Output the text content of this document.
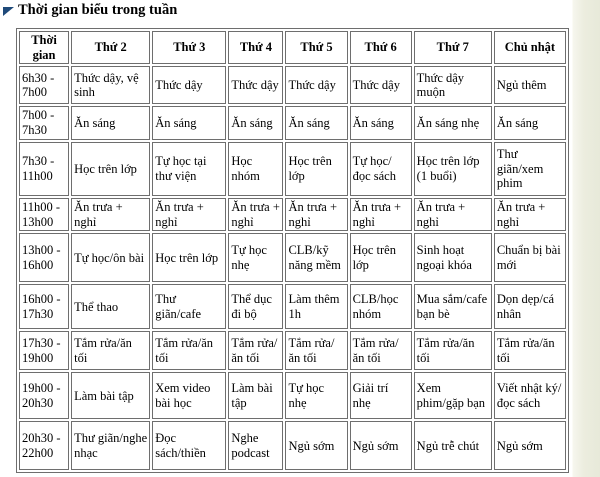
Thời gian biểu trong tuần
Thời gian	Thứ 2	Thứ 3	Thứ 4	Thứ 5	Thứ 6	Thứ 7	Chủ nhật
6h30 - 7h00	Thức dậy, vệ sinh	Thức dậy	Thức dậy	Thức dậy	Thức dậy	Thức dậy muộn	Ngủ thêm
7h00 - 7h30	Ăn sáng	Ăn sáng	Ăn sáng	Ăn sáng	Ăn sáng	Ăn sáng nhẹ	Ăn sáng
7h30 - 11h00	Học trên lớp	Tự học tại thư viện	Học nhóm	Học trên lớp	Tự học/đọc sách	Học trên lớp (1 buổi)	Thư giãn/xem phim
11h00 - 13h00	Ăn trưa + nghỉ	Ăn trưa + nghỉ	Ăn trưa + nghỉ	Ăn trưa + nghỉ	Ăn trưa + nghỉ	Ăn trưa + nghỉ	Ăn trưa + nghỉ
13h00 - 16h00	Tự học/ôn bài	Học trên lớp	Tự học nhẹ	CLB/kỹ năng mềm	Học trên lớp	Sinh hoạt ngoại khóa	Chuẩn bị bài mới
16h00 - 17h30	Thể thao	Thư giãn/cafe	Thể dục đi bộ	Làm thêm 1h	CLB/học nhóm	Mua sắm/cafe bạn bè	Dọn dẹp/cá nhân
17h30 - 19h00	Tắm rửa/ăn tối	Tắm rửa/ăn tối	Tắm rửa/ăn tối	Tắm rửa/ăn tối	Tắm rửa/ăn tối	Tắm rửa/ăn tối	Tắm rửa/ăn tối
19h00 - 20h30	Làm bài tập	Xem video bài học	Làm bài tập	Tự học nhẹ	Giải trí nhẹ	Xem phim/gặp bạn	Viết nhật ký/đọc sách
20h30 - 22h00	Thư giãn/nghe nhạc	Đọc sách/thiền	Nghe podcast	Ngủ sớm	Ngủ sớm	Ngủ trễ chút	Ngủ sớm
